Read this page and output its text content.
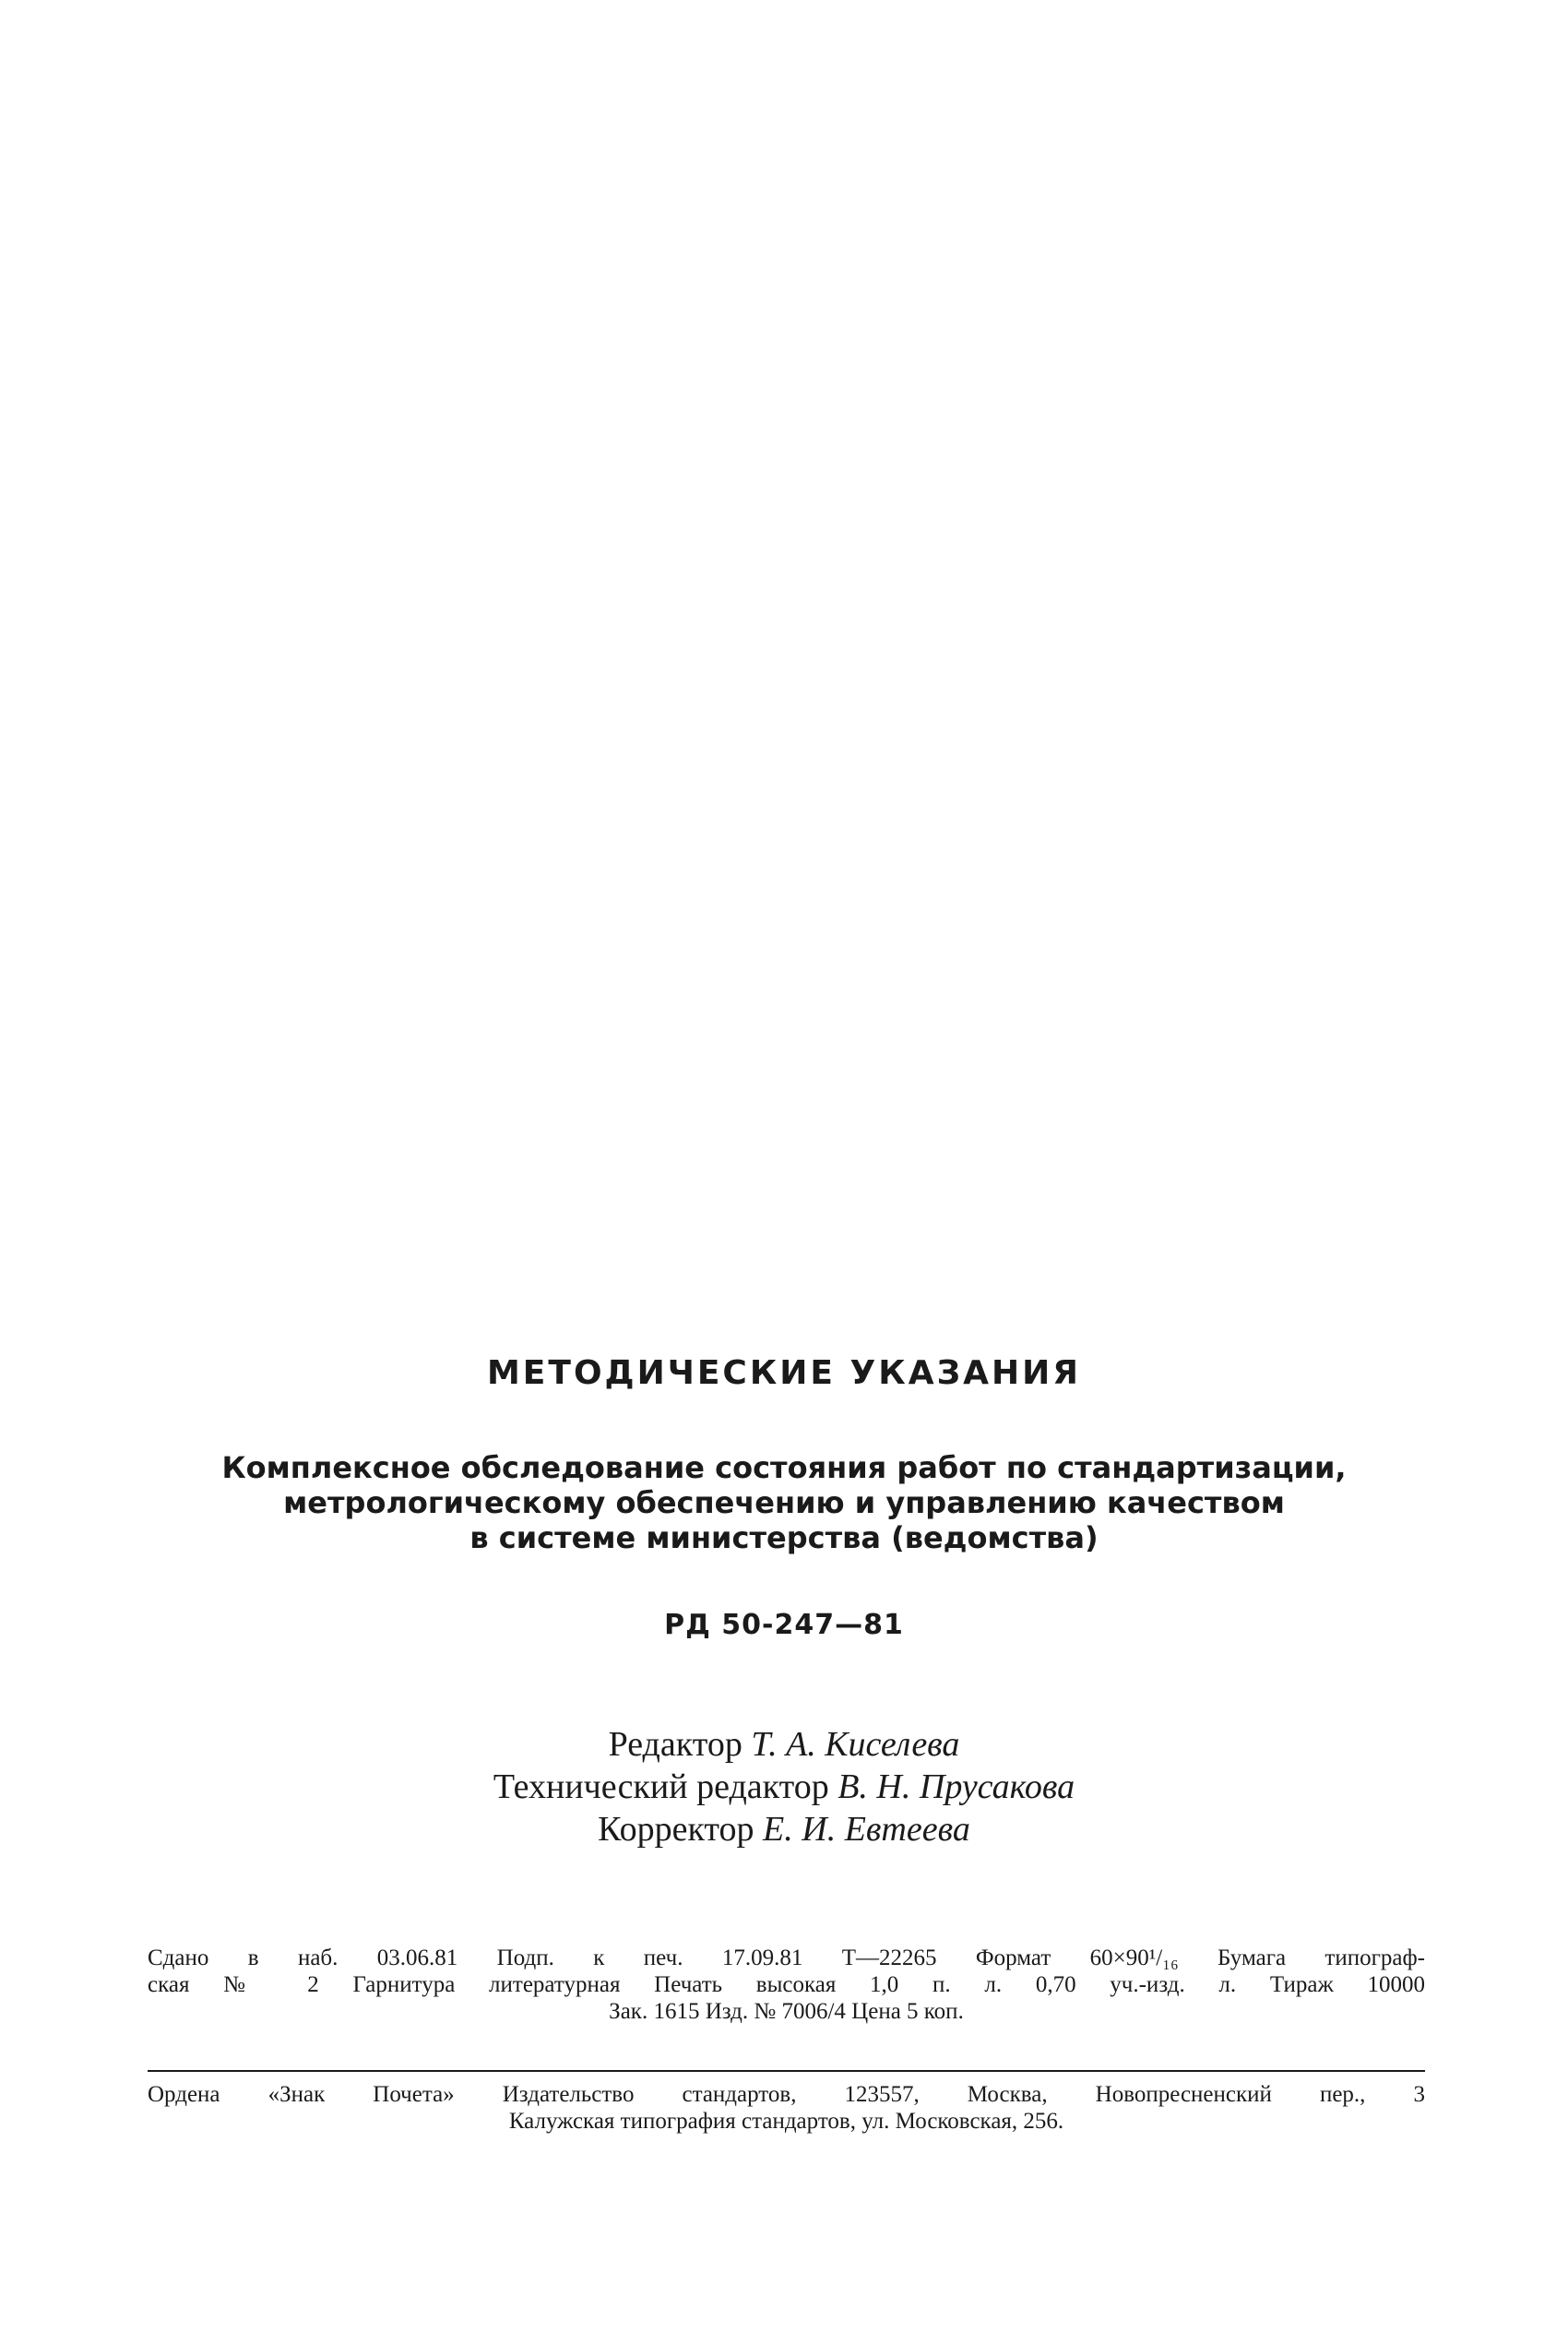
МЕТОДИЧЕСКИЕ УКАЗАНИЯ
Комплексное обследование состояния работ по стандартизации,
метрологическому обеспечению и управлению качеством
в системе министерства (ведомства)
РД 50-247—81
Редактор Т. А. Киселева
Технический редактор В. Н. Прусакова
Корректор Е. И. Евтеева
Сдано в наб. 03.06.81 Подп. к печ. 17.09.81 Т—22265 Формат 60×90¹/₁₆ Бумага типограф-
ская № 2 Гарнитура литературная Печать высокая 1,0 п. л. 0,70 уч.-изд. л. Тираж 10000
Зак. 1615 Изд. № 7006/4 Цена 5 коп.
Ордена «Знак Почета» Издательство стандартов, 123557, Москва, Новопресненский пер., 3
Калужская типография стандартов, ул. Московская, 256.
